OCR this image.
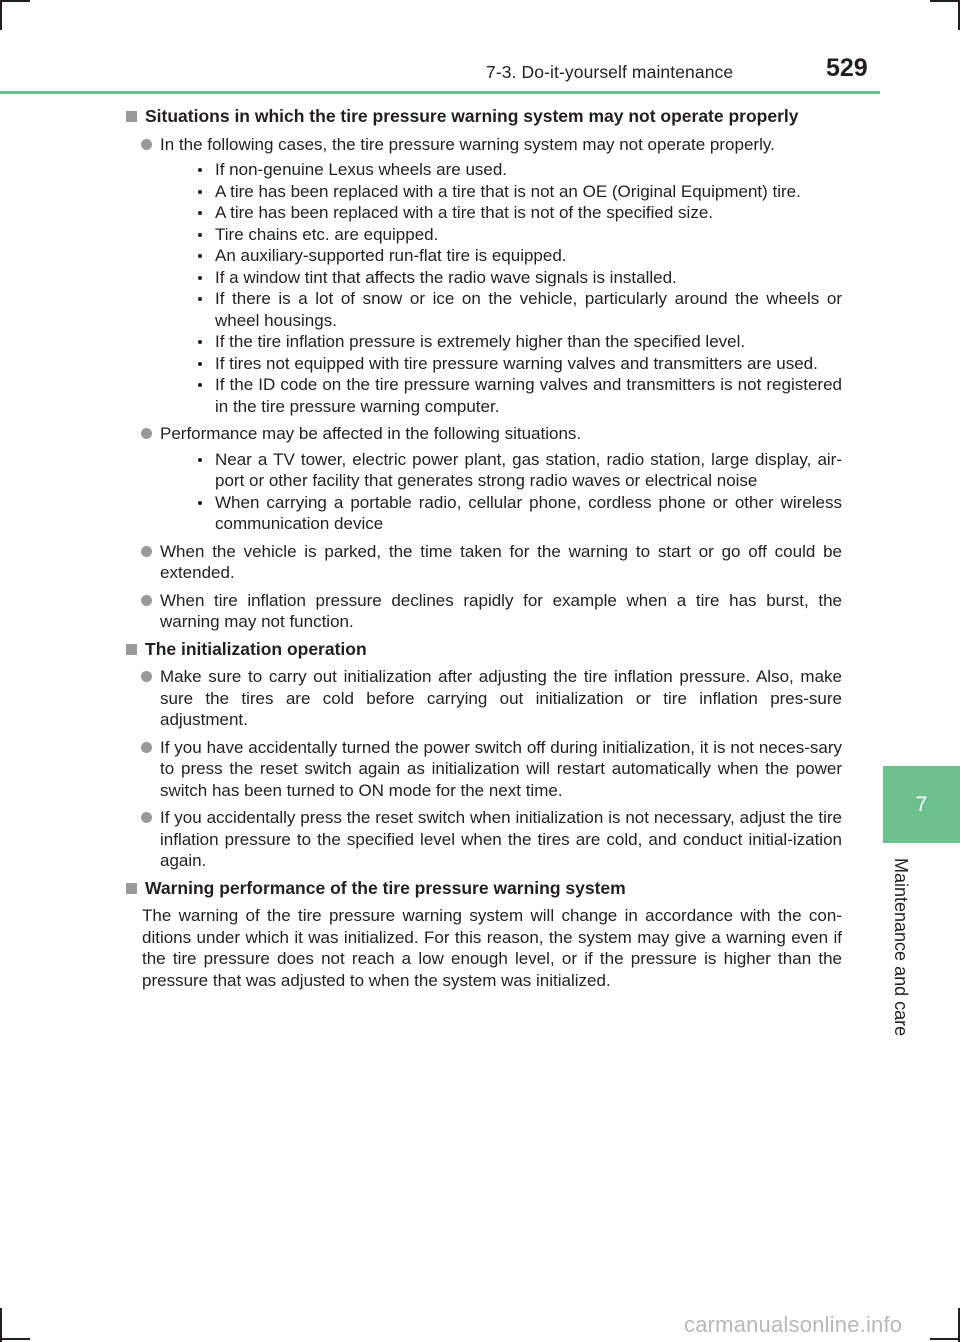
7-3. Do-it-yourself maintenance	529
7
Maintenance and care
Situations in which the tire pressure warning system may not operate properly
In the following cases, the tire pressure warning system may not operate properly.
If non-genuine Lexus wheels are used.
A tire has been replaced with a tire that is not an OE (Original Equipment) tire.
A tire has been replaced with a tire that is not of the specified size.
Tire chains etc. are equipped.
An auxiliary-supported run-flat tire is equipped.
If a window tint that affects the radio wave signals is installed.
If there is a lot of snow or ice on the vehicle, particularly around the wheels or wheel housings.
If the tire inflation pressure is extremely higher than the specified level.
If tires not equipped with tire pressure warning valves and transmitters are used.
If the ID code on the tire pressure warning valves and transmitters is not registered in the tire pressure warning computer.
Performance may be affected in the following situations.
Near a TV tower, electric power plant, gas station, radio station, large display, air-port or other facility that generates strong radio waves or electrical noise
When carrying a portable radio, cellular phone, cordless phone or other wireless communication device
When the vehicle is parked, the time taken for the warning to start or go off could be extended.
When tire inflation pressure declines rapidly for example when a tire has burst, the warning may not function.
The initialization operation
Make sure to carry out initialization after adjusting the tire inflation pressure. Also, make sure the tires are cold before carrying out initialization or tire inflation pres-sure adjustment.
If you have accidentally turned the power switch off during initialization, it is not neces-sary to press the reset switch again as initialization will restart automatically when the power switch has been turned to ON mode for the next time.
If you accidentally press the reset switch when initialization is not necessary, adjust the tire inflation pressure to the specified level when the tires are cold, and conduct initial-ization again.
Warning performance of the tire pressure warning system
The warning of the tire pressure warning system will change in accordance with the con-ditions under which it was initialized. For this reason, the system may give a warning even if the tire pressure does not reach a low enough level, or if the pressure is higher than the pressure that was adjusted to when the system was initialized.
carmanualsonline.info
